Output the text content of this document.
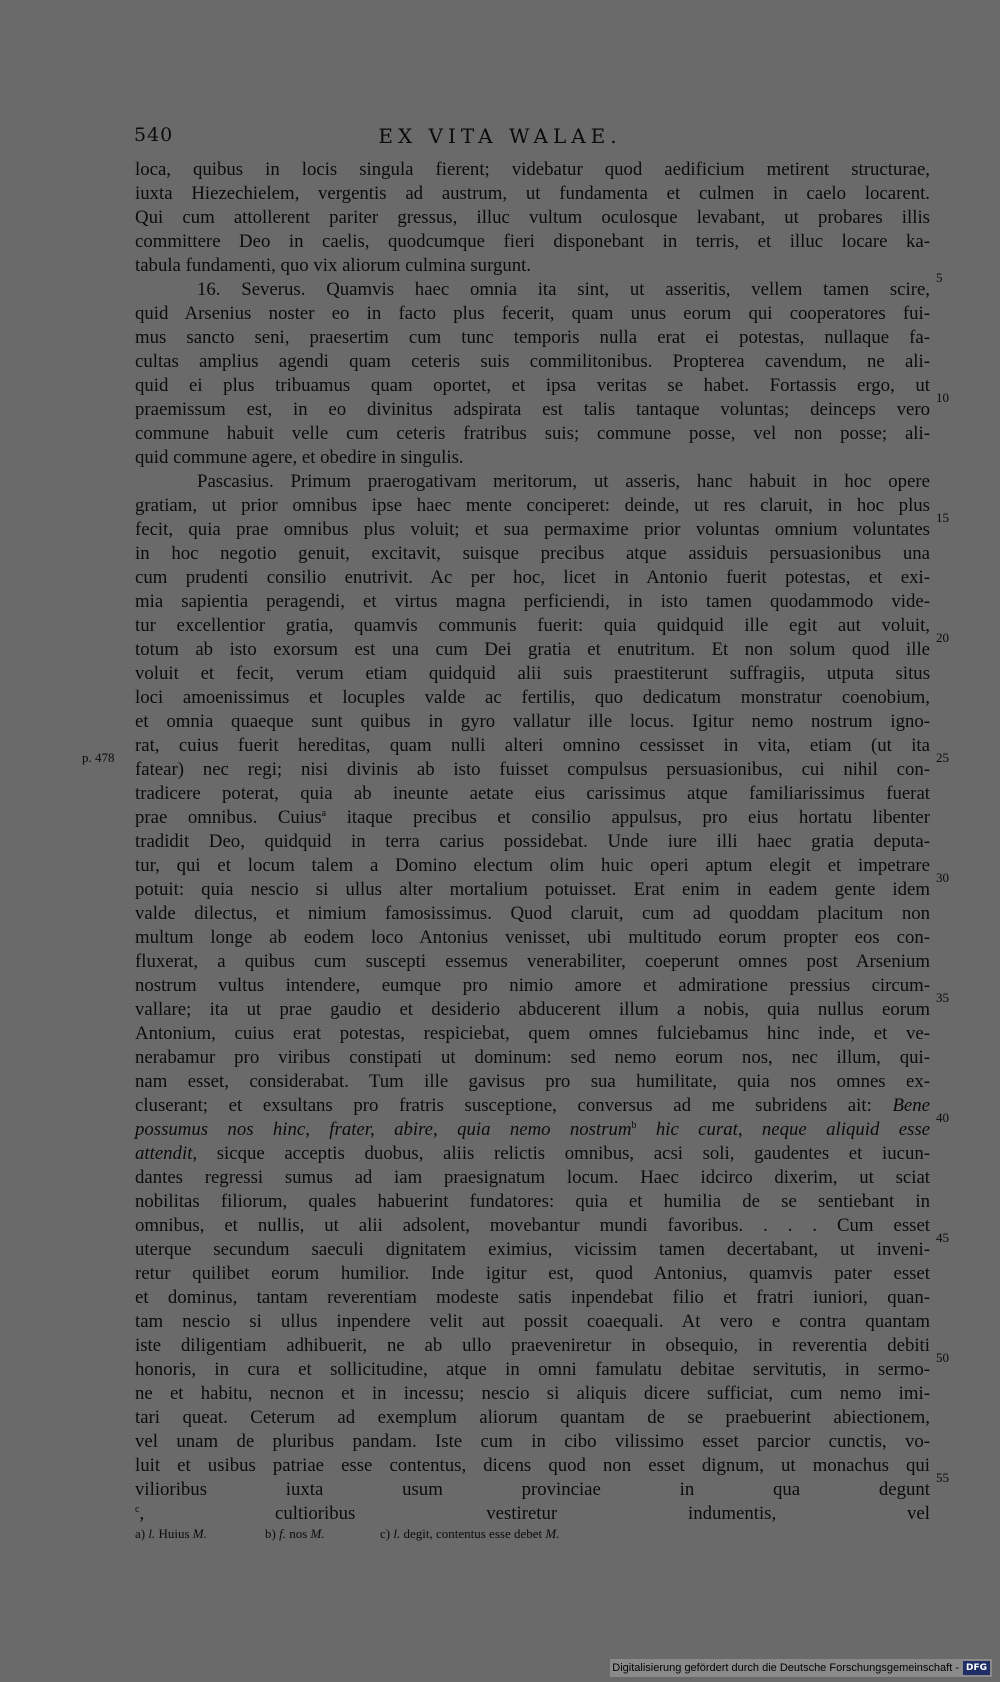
540	EX VITA WALAE.
loca, quibus in locis singula fierent; videbatur quod aedificium metirent structurae,
iuxta Hiezechielem, vergentis ad austrum, ut fundamenta et culmen in caelo locarent.
Qui cum attollerent pariter gressus, illuc vultum oculosque levabant, ut probares illis
committere Deo in caelis, quodcumque fieri disponebant in terris, et illuc locare ka-
tabula fundamenti, quo vix aliorum culmina surgunt.
16. Severus. Quamvis haec omnia ita sint, ut asseritis, vellem tamen scire,
quid Arsenius noster eo in facto plus fecerit, quam unus eorum qui cooperatores fui-
mus sancto seni, praesertim cum tunc temporis nulla erat ei potestas, nullaque fa-
cultas amplius agendi quam ceteris suis commilitonibus. Propterea cavendum, ne ali-
quid ei plus tribuamus quam oportet, et ipsa veritas se habet. Fortassis ergo, ut
praemissum est, in eo divinitus adspirata est talis tantaque voluntas; deinceps vero
commune habuit velle cum ceteris fratribus suis; commune posse, vel non posse; ali-
quid commune agere, et obedire in singulis.
Pascasius. Primum praerogativam meritorum, ut asseris, hanc habuit in hoc opere
gratiam, ut prior omnibus ipse haec mente conciperet: deinde, ut res claruit, in hoc plus
fecit, quia prae omnibus plus voluit; et sua permaxime prior voluntas omnium voluntates
in hoc negotio genuit, excitavit, suisque precibus atque assiduis persuasionibus una
cum prudenti consilio enutrivit. Ac per hoc, licet in Antonio fuerit potestas, et exi-
mia sapientia peragendi, et virtus magna perficiendi, in isto tamen quodammodo vide-
tur excellentior gratia, quamvis communis fuerit: quia quidquid ille egit aut voluit,
totum ab isto exorsum est una cum Dei gratia et enutritum. Et non solum quod ille
voluit et fecit, verum etiam quidquid alii suis praestiterunt suffragiis, utputa situs
loci amoenissimus et locuples valde ac fertilis, quo dedicatum monstratur coenobium,
et omnia quaeque sunt quibus in gyro vallatur ille locus. Igitur nemo nostrum igno-
rat, cuius fuerit hereditas, quam nulli alteri omnino cessisset in vita, etiam (ut ita
fatear) nec regi; nisi divinis ab isto fuisset compulsus persuasionibus, cui nihil con-
tradicere poterat, quia ab ineunte aetate eius carissimus atque familiarissimus fuerat
prae omnibus. Cuius$^a$ itaque precibus et consilio appulsus, pro eius hortatu libenter
tradidit Deo, quidquid in terra carius possidebat. Unde iure illi haec gratia deputa-
tur, qui et locum talem a Domino electum olim huic operi aptum elegit et impetrare
potuit: quia nescio si ullus alter mortalium potuisset. Erat enim in eadem gente idem
valde dilectus, et nimium famosissimus. Quod claruit, cum ad quoddam placitum non
multum longe ab eodem loco Antonius venisset, ubi multitudo eorum propter eos con-
fluxerat, a quibus cum suscepti essemus venerabiliter, coeperunt omnes post Arsenium
nostrum vultus intendere, eumque pro nimio amore et admiratione pressius circum-
vallare; ita ut prae gaudio et desiderio abducerent illum a nobis, quia nullus eorum
Antonium, cuius erat potestas, respiciebat, quem omnes fulciebamus hinc inde, et ve-
nerabamur pro viribus constipati ut dominum: sed nemo eorum nos, nec illum, qui-
nam esset, considerabat. Tum ille gavisus pro sua humilitate, quia nos omnes ex-
cluserant; et exsultans pro fratris susceptione, conversus ad me subridens ait: Bene
possumus nos hinc, frater, abire, quia nemo nostrum$^b$ hic curat, neque aliquid esse
attendit, sicque acceptis duobus, aliis relictis omnibus, acsi soli, gaudentes et iucun-
dantes regressi sumus ad iam praesignatum locum. Haec idcirco dixerim, ut sciat
nobilitas filiorum, quales habuerint fundatores: quia et humilia de se sentiebant in
omnibus, et nullis, ut alii adsolent, movebantur mundi favoribus. . . . Cum esset
uterque secundum saeculi dignitatem eximius, vicissim tamen decertabant, ut inveni-
retur quilibet eorum humilior. Inde igitur est, quod Antonius, quamvis pater esset
et dominus, tantam reverentiam modeste satis inpendebat filio et fratri iuniori, quan-
tam nescio si ullus inpendere velit aut possit coaequali. At vero e contra quantam
iste diligentiam adhibuerit, ne ab ullo praeveniretur in obsequio, in reverentia debiti
honoris, in cura et sollicitudine, atque in omni famulatu debitae servitutis, in sermo-
ne et habitu, necnon et in incessu; nescio si aliquis dicere sufficiat, cum nemo imi-
tari queat. Ceterum ad exemplum aliorum quantam de se praebuerint abiectionem,
vel unam de pluribus pandam. Iste cum in cibo vilissimo esset parcior cunctis, vo-
luit et usibus patriae esse contentus, dicens quod non esset dignum, ut monachus qui
vilioribus iuxta usum provinciae in qua degunt
$^c$, cultioribus vestiretur indumentis, vel
5
10
15
20
25
30
35
40
45
50
55
p. 478
a) l. Huius M.	b) f. nos M.	c) l. degit, contentus esse debet M.
Digitalisierung gefördert durch die Deutsche Forschungsgemeinschaft - DFG
